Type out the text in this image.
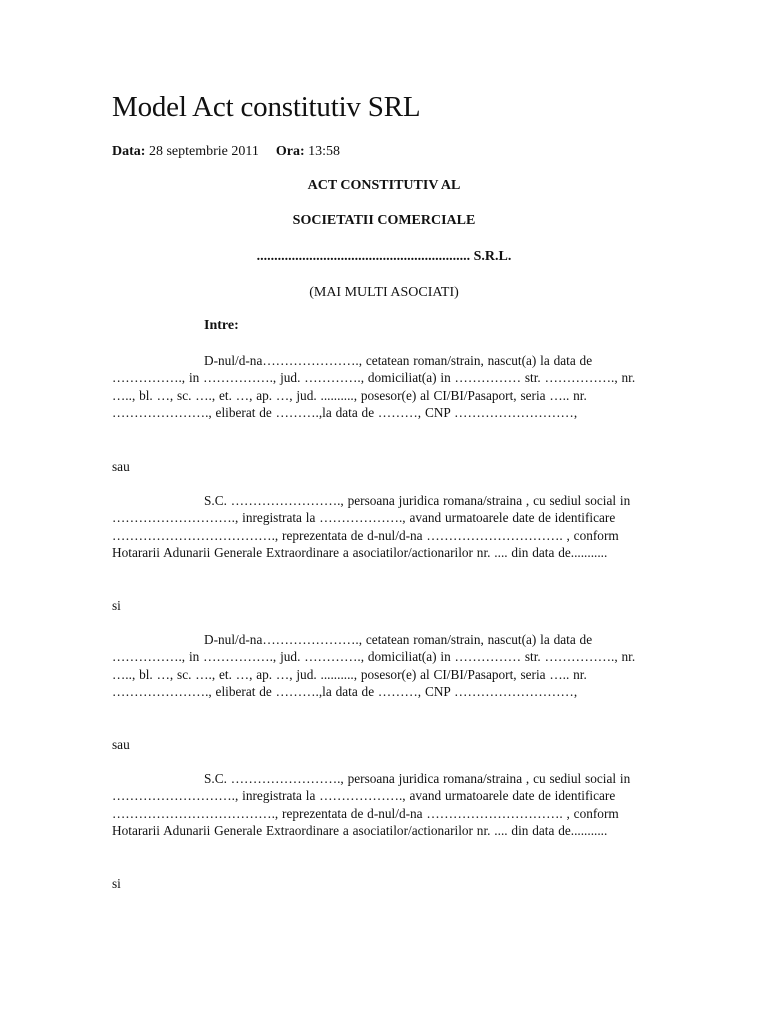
Model Act constitutiv SRL
Data: 28 septembrie 2011 Ora: 13:58
ACT CONSTITUTIV AL
SOCIETATII COMERCIALE
............................................................. S.R.L.
(MAI MULTI ASOCIATI)
Intre:

D-nul/d-na…………………., cetatean roman/strain, nascut(a) la data de ……………., in ……………., jud. …………., domiciliat(a) in …………… str. ……………., nr. ….., bl. …, sc. …., et. …, ap. …, jud. .........., posesor(e) al CI/BI/Pasaport, seria ….. nr. …………………., eliberat de ……….,la data de ………, CNP ………………………,

sau

S.C. ……………………., persoana juridica romana/straina , cu sediul social in ………………………., inregistrata la ………………., avand urmatoarele date de identificare ………………………………., reprezentata de d-nul/d-na …………………………. , conform Hotararii Adunarii Generale Extraordinare a asociatilor/actionarilor nr. .... din data de...........

si

D-nul/d-na…………………., cetatean roman/strain, nascut(a) la data de ……………., in ……………., jud. …………., domiciliat(a) in …………… str. ……………., nr. ….., bl. …, sc. …., et. …, ap. …, jud. .........., posesor(e) al CI/BI/Pasaport, seria ….. nr. …………………., eliberat de ……….,la data de ………, CNP ………………………,

sau

S.C. ……………………., persoana juridica romana/straina , cu sediul social in ………………………., inregistrata la ………………., avand urmatoarele date de identificare ………………………………., reprezentata de d-nul/d-na …………………………. , conform Hotararii Adunarii Generale Extraordinare a asociatilor/actionarilor nr. .... din data de...........

si
